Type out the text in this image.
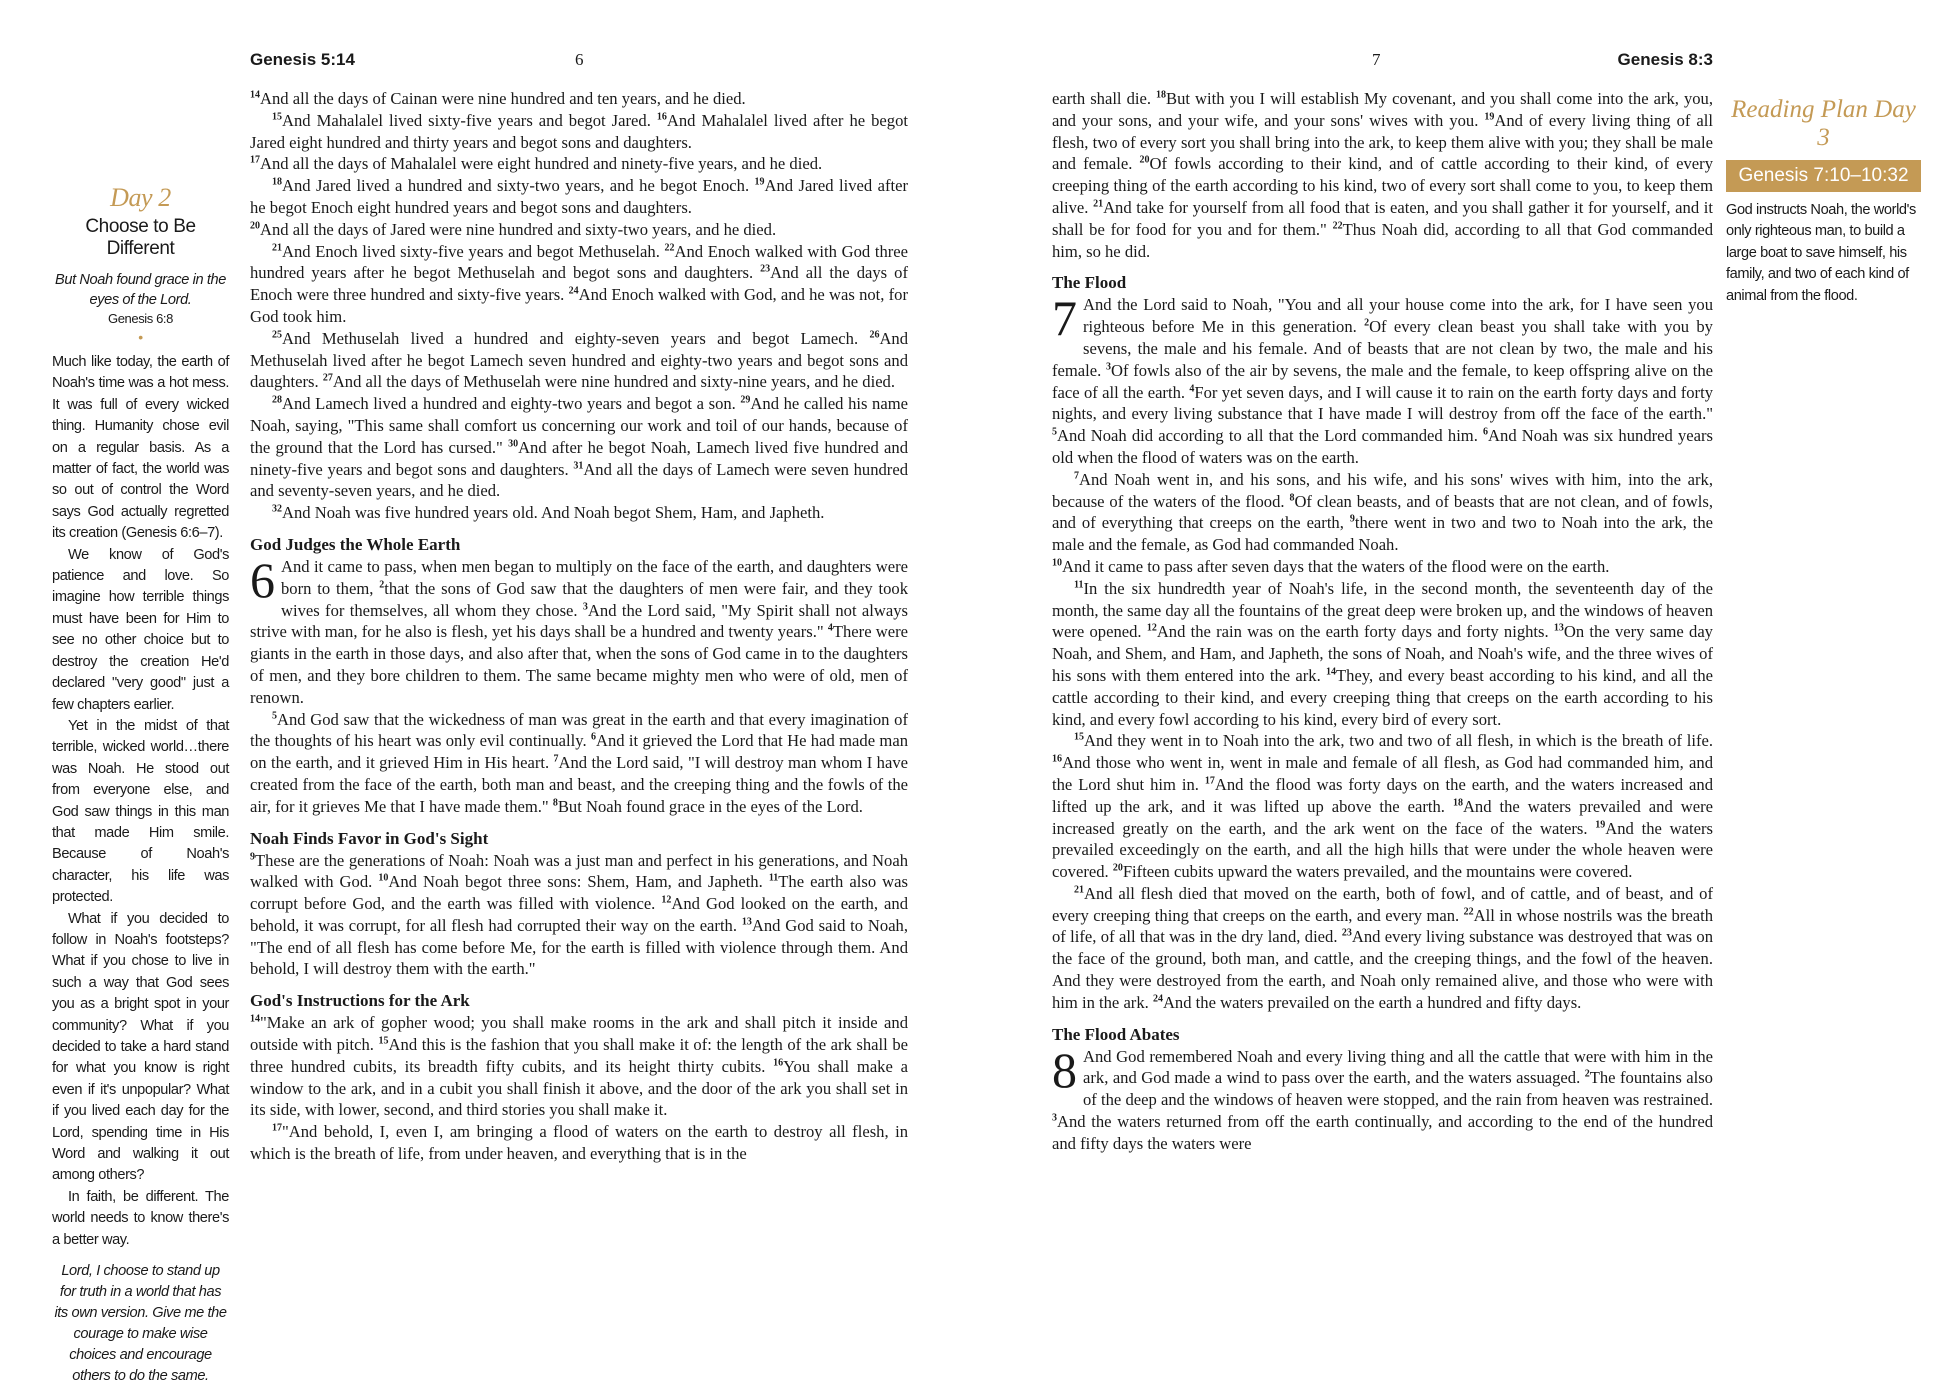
Genesis 5:14	6
Day 2
Choose to Be Different
But Noah found grace in the eyes of the Lord.
Genesis 6:8
•

Much like today, the earth of Noah's time was a hot mess. It was full of every wicked thing. Humanity chose evil on a regular basis. As a matter of fact, the world was so out of control the Word says God actually regretted its creation (Genesis 6:6–7).

We know of God's patience and love. So imagine how terrible things must have been for Him to see no other choice but to destroy the creation He'd declared "very good" just a few chapters earlier.

Yet in the midst of that terrible, wicked world…there was Noah. He stood out from everyone else, and God saw things in this man that made Him smile. Because of Noah's character, his life was protected.

What if you decided to follow in Noah's footsteps? What if you chose to live in such a way that God sees you as a bright spot in your community? What if you decided to take a hard stand for what you know is right even if it's unpopular? What if you lived each day for the Lord, spending time in His Word and walking it out among others?

In faith, be different. The world needs to know there's a better way.

Lord, I choose to stand up for truth in a world that has its own version. Give me the courage to make wise choices and encourage others to do the same.

$^{14}$And all the days of Cainan were nine hundred and ten years, and he died.

$^{15}$And Mahalalel lived sixty-five years and begot Jared. $^{16}$And Mahalalel lived after he begot Jared eight hundred and thirty years and begot sons and daughters.

$^{17}$And all the days of Mahalalel were eight hundred and ninety-five years, and he died.

$^{18}$And Jared lived a hundred and sixty-two years, and he begot Enoch. $^{19}$And Jared lived after he begot Enoch eight hundred years and begot sons and daughters.

$^{20}$And all the days of Jared were nine hundred and sixty-two years, and he died.

$^{21}$And Enoch lived sixty-five years and begot Methuselah. $^{22}$And Enoch walked with God three hundred years after he begot Methuselah and begot sons and daughters. $^{23}$And all the days of Enoch were three hundred and sixty-five years. $^{24}$And Enoch walked with God, and he was not, for God took him.

$^{25}$And Methuselah lived a hundred and eighty-seven years and begot Lamech. $^{26}$And Methuselah lived after he begot Lamech seven hundred and eighty-two years and begot sons and daughters. $^{27}$And all the days of Methuselah were nine hundred and sixty-nine years, and he died.

$^{28}$And Lamech lived a hundred and eighty-two years and begot a son. $^{29}$And he called his name Noah, saying, "This same shall comfort us concerning our work and toil of our hands, because of the ground that the Lord has cursed." $^{30}$And after he begot Noah, Lamech lived five hundred and ninety-five years and begot sons and daughters. $^{31}$And all the days of Lamech were seven hundred and seventy-seven years, and he died.

$^{32}$And Noah was five hundred years old. And Noah begot Shem, Ham, and Japheth.

God Judges the Whole Earth

6 And it came to pass, when men began to multiply on the face of the earth, and daughters were born to them, $^2$that the sons of God saw that the daughters of men were fair, and they took wives for themselves, all whom they chose. $^3$And the Lord said, "My Spirit shall not always strive with man, for he also is flesh, yet his days shall be a hundred and twenty years." $^4$There were giants in the earth in those days, and also after that, when the sons of God came in to the daughters of men, and they bore children to them. The same became mighty men who were of old, men of renown.

$^5$And God saw that the wickedness of man was great in the earth and that every imagination of the thoughts of his heart was only evil continually. $^6$And it grieved the Lord that He had made man on the earth, and it grieved Him in His heart. $^7$And the Lord said, "I will destroy man whom I have created from the face of the earth, both man and beast, and the creeping thing and the fowls of the air, for it grieves Me that I have made them." $^8$But Noah found grace in the eyes of the Lord.

Noah Finds Favor in God's Sight

$^9$These are the generations of Noah: Noah was a just man and perfect in his generations, and Noah walked with God. $^{10}$And Noah begot three sons: Shem, Ham, and Japheth. $^{11}$The earth also was corrupt before God, and the earth was filled with violence. $^{12}$And God looked on the earth, and behold, it was corrupt, for all flesh had corrupted their way on the earth. $^{13}$And God said to Noah, "The end of all flesh has come before Me, for the earth is filled with violence through them. And behold, I will destroy them with the earth."

God's Instructions for the Ark

$^{14}$"Make an ark of gopher wood; you shall make rooms in the ark and shall pitch it inside and outside with pitch. $^{15}$And this is the fashion that you shall make it of: the length of the ark shall be three hundred cubits, its breadth fifty cubits, and its height thirty cubits. $^{16}$You shall make a window to the ark, and in a cubit you shall finish it above, and the door of the ark you shall set in its side, with lower, second, and third stories you shall make it.

$^{17}$"And behold, I, even I, am bringing a flood of waters on the earth to destroy all flesh, in which is the breath of life, from under heaven, and everything that is in the

7	Genesis 8:3

earth shall die. $^{18}$But with you I will establish My covenant, and you shall come into the ark, you, and your sons, and your wife, and your sons' wives with you. $^{19}$And of every living thing of all flesh, two of every sort you shall bring into the ark, to keep them alive with you; they shall be male and female. $^{20}$Of fowls according to their kind, and of cattle according to their kind, of every creeping thing of the earth according to his kind, two of every sort shall come to you, to keep them alive. $^{21}$And take for yourself from all food that is eaten, and you shall gather it for yourself, and it shall be for food for you and for them." $^{22}$Thus Noah did, according to all that God commanded him, so he did.

The Flood

7 And the Lord said to Noah, "You and all your house come into the ark, for I have seen you righteous before Me in this generation. $^2$Of every clean beast you shall take with you by sevens, the male and his female. And of beasts that are not clean by two, the male and his female. $^3$Of fowls also of the air by sevens, the male and the female, to keep offspring alive on the face of all the earth. $^4$For yet seven days, and I will cause it to rain on the earth forty days and forty nights, and every living substance that I have made I will destroy from off the face of the earth." $^5$And Noah did according to all that the Lord commanded him. $^6$And Noah was six hundred years old when the flood of waters was on the earth.

$^7$And Noah went in, and his sons, and his wife, and his sons' wives with him, into the ark, because of the waters of the flood. $^8$Of clean beasts, and of beasts that are not clean, and of fowls, and of everything that creeps on the earth, $^9$there went in two and two to Noah into the ark, the male and the female, as God had commanded Noah.

$^{10}$And it came to pass after seven days that the waters of the flood were on the earth.

$^{11}$In the six hundredth year of Noah's life, in the second month, the seventeenth day of the month, the same day all the fountains of the great deep were broken up, and the windows of heaven were opened. $^{12}$And the rain was on the earth forty days and forty nights. $^{13}$On the very same day Noah, and Shem, and Ham, and Japheth, the sons of Noah, and Noah's wife, and the three wives of his sons with them entered into the ark. $^{14}$They, and every beast according to his kind, and all the cattle according to their kind, and every creeping thing that creeps on the earth according to his kind, and every fowl according to his kind, every bird of every sort.

$^{15}$And they went in to Noah into the ark, two and two of all flesh, in which is the breath of life. $^{16}$And those who went in, went in male and female of all flesh, as God had commanded him, and the Lord shut him in. $^{17}$And the flood was forty days on the earth, and the waters increased and lifted up the ark, and it was lifted up above the earth. $^{18}$And the waters prevailed and were increased greatly on the earth, and the ark went on the face of the waters. $^{19}$And the waters prevailed exceedingly on the earth, and all the high hills that were under the whole heaven were covered. $^{20}$Fifteen cubits upward the waters prevailed, and the mountains were covered.

$^{21}$And all flesh died that moved on the earth, both of fowl, and of cattle, and of beast, and of every creeping thing that creeps on the earth, and every man. $^{22}$All in whose nostrils was the breath of life, of all that was in the dry land, died. $^{23}$And every living substance was destroyed that was on the face of the ground, both man, and cattle, and the creeping things, and the fowl of the heaven. And they were destroyed from the earth, and Noah only remained alive, and those who were with him in the ark. $^{24}$And the waters prevailed on the earth a hundred and fifty days.

The Flood Abates

8 And God remembered Noah and every living thing and all the cattle that were with him in the ark, and God made a wind to pass over the earth, and the waters assuaged. $^2$The fountains also of the deep and the windows of heaven were stopped, and the rain from heaven was restrained. $^3$And the waters returned from off the earth continually, and according to the end of the hundred and fifty days the waters were

Reading Plan Day 3
Genesis 7:10–10:32
God instructs Noah, the world's only righteous man, to build a large boat to save himself, his family, and two of each kind of animal from the flood.
